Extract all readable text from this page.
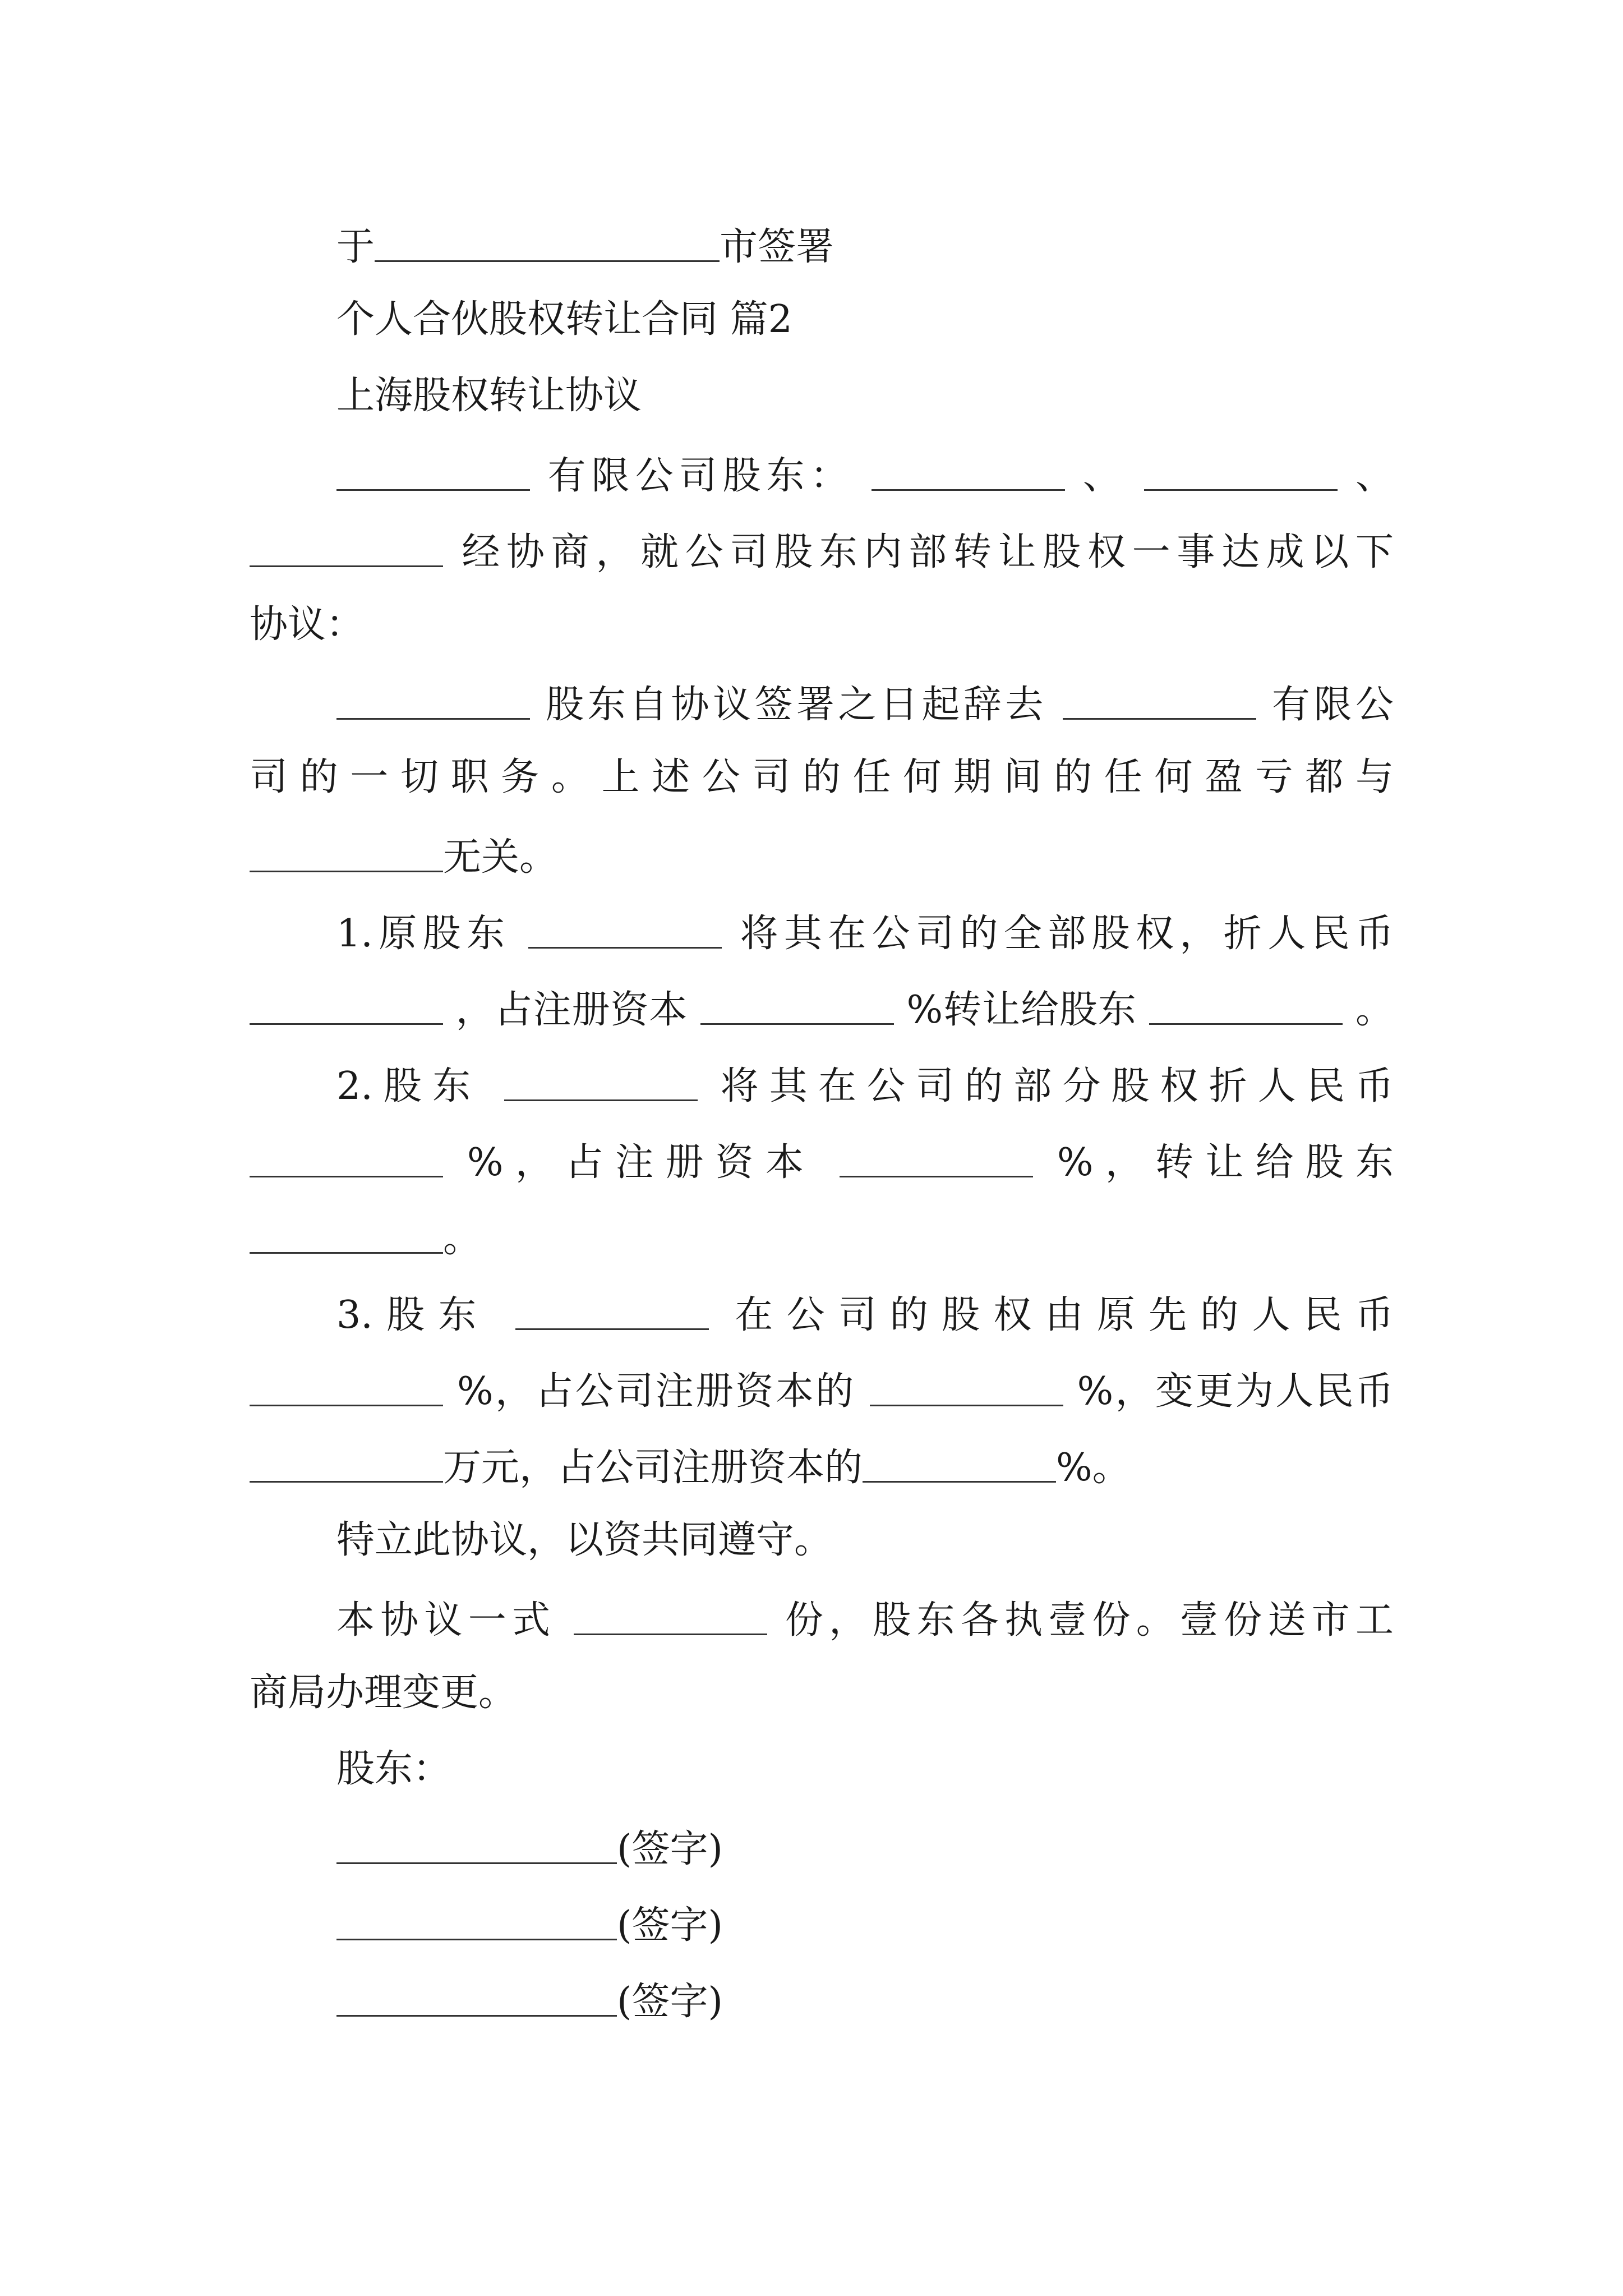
于	市签署
个人合伙股权转让合同 篇2
上海股权转让协议
有限公司股东：	、	、
经协商，就公司股东内部转让股权一事达成以下
协议：
股东自协议签署之日起辞去	有限公
司的一切职务。上述公司的任何期间的任何盈亏都与
无关。
1.原股东	将其在公司的全部股权，折人民币
，占注册资本	%转让给股东	。
2.股东	将其在公司的部分股权折人民币
%，占注册资本	%，转让给股东
。
3.股东	在公司的股权由原先的人民币
%，占公司注册资本的	%，变更为人民币
万元，占公司注册资本的	%。
特立此协议，以资共同遵守。
本协议一式	份，股东各执壹份。壹份送市工
商局办理变更。
股东：
(签字)
(签字)
(签字)
